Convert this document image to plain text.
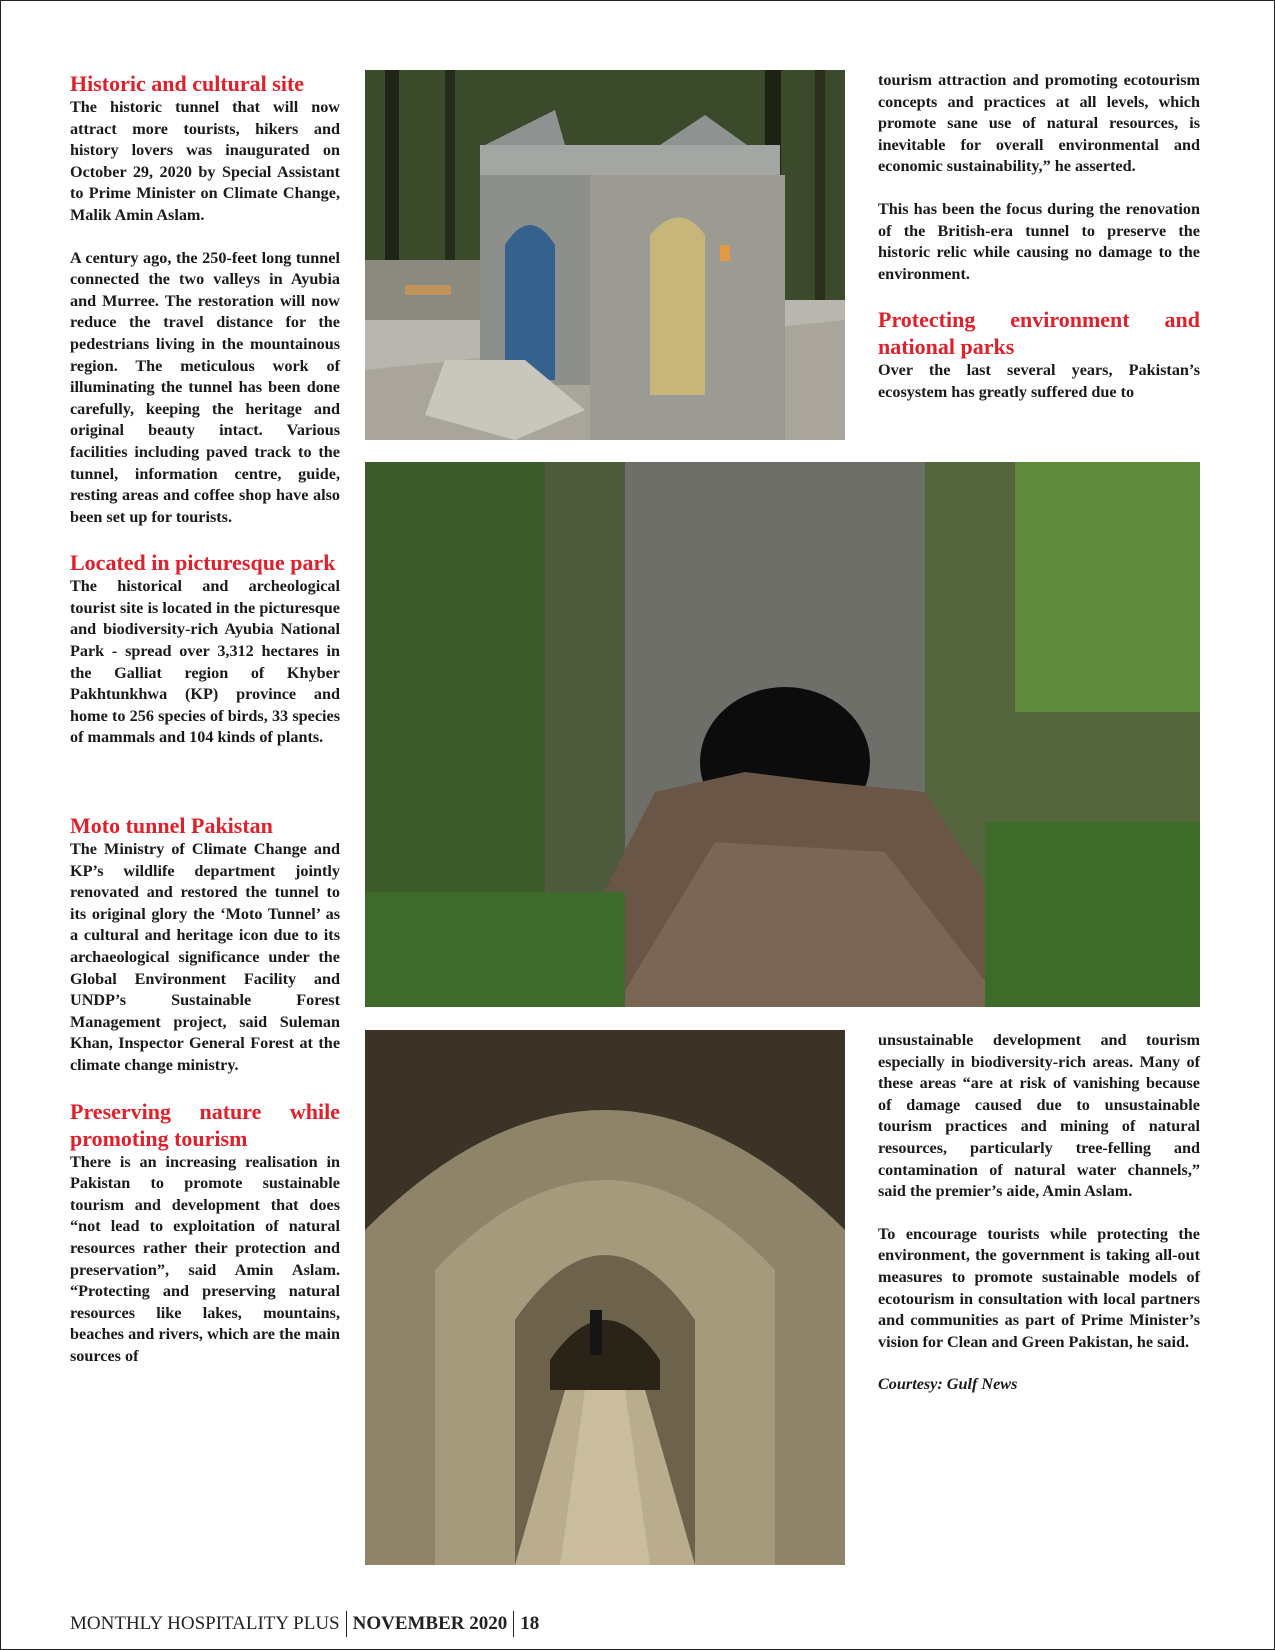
Historic and cultural site

The historic tunnel that will now attract more tourists, hikers and history lovers was inaugurated on October 29, 2020 by Special Assistant to Prime Minister on Climate Change, Malik Amin Aslam.

A century ago, the 250-feet long tunnel connected the two valleys in Ayubia and Murree. The restoration will now reduce the travel distance for the pedestrians living in the mountainous region. The meticulous work of illuminating the tunnel has been done carefully, keeping the heritage and original beauty intact. Various facilities including paved track to the tunnel, information centre, guide, resting areas and coffee shop have also been set up for tourists.

Located in picturesque park

The historical and archeological tourist site is located in the picturesque and biodiversity-rich Ayubia National Park - spread over 3,312 hectares in the Galliat region of Khyber Pakhtunkhwa (KP) province and home to 256 species of birds, 33 species of mammals and 104 kinds of plants.

Moto tunnel Pakistan

The Ministry of Climate Change and KP’s wildlife department jointly renovated and restored the tunnel to its original glory the ‘Moto Tunnel’ as a cultural and heritage icon due to its archaeological significance under the Global Environment Facility and UNDP’s Sustainable Forest Management project, said Suleman Khan, Inspector General Forest at the climate change ministry.

Preserving nature while promoting tourism

There is an increasing realisation in Pakistan to promote sustainable tourism and development that does “not lead to exploitation of natural resources rather their protection and preservation”, said Amin Aslam. “Protecting and preserving natural resources like lakes, mountains, beaches and rivers, which are the main sources of

tourism attraction and promoting ecotourism concepts and practices at all levels, which promote sane use of natural resources, is inevitable for overall environmental and economic sustainability,” he asserted.

This has been the focus during the renovation of the British-era tunnel to preserve the historic relic while causing no damage to the environment.

Protecting environment and national parks

Over the last several years, Pakistan’s ecosystem has greatly suffered due to

unsustainable development and tourism especially in biodiversity-rich areas. Many of these areas “are at risk of vanishing because of damage caused due to unsustainable tourism practices and mining of natural resources, particularly tree-felling and contamination of natural water channels,” said the premier’s aide, Amin Aslam.

To encourage tourists while protecting the environment, the government is taking all-out measures to promote sustainable models of ecotourism in consultation with local partners and communities as part of Prime Minister’s vision for Clean and Green Pakistan, he said.

Courtesy: Gulf News

MONTHLY HOSPITALITY PLUS NOVEMBER 2020 18
